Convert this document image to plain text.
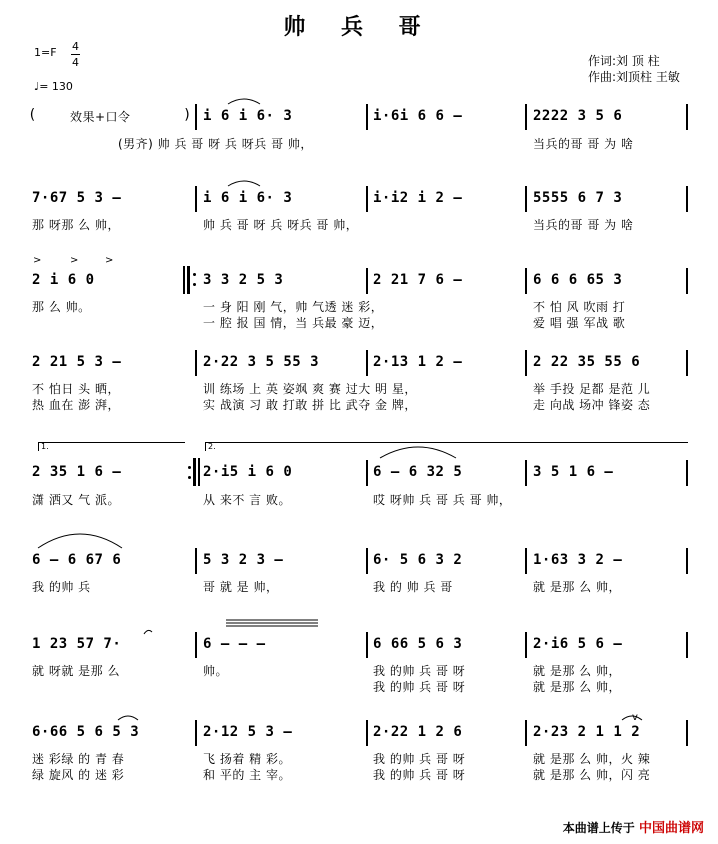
帅 兵 哥
1=F 4
4
♩= 130
作词:刘 顶 柱
作曲:刘顶柱 王敏
(	效果+口令	) i 6 i 6· 3	i·6i 6 6 –	2222 3 5 6
(男齐) 帅 兵 哥 呀 兵 呀兵 哥 帅，	当兵的哥 哥 为 啥
7·67 5 3 –	i 6 i 6· 3	i·i2 i 2 –	5555 6 7 3
那 呀那 么 帅，	帅 兵 哥 呀 兵 呀兵 哥 帅，	当兵的哥 哥 为 啥
>	>	>
2 i 6 0	3 3 2 5 3	2 21 7 6 –	6 6 6 65 3
那 么 帅。	一 身 阳 刚 气，帅 气透 迷 彩，	不 怕 风 吹雨 打
一 腔 报 国 情，当 兵最 豪 迈，	爱 唱 强 军战 歌
2 21 5 3 –	2·22 3 5 55 3	2·13 1 2 –	2 22 35 55 6
不 怕日 头 晒，	训 练场 上 英 姿飒 爽 赛 过大 明 星，	举 手投 足都 是范 儿
热 血在 澎 湃，	实 战演 习 敢 打敢 拼 比 武夺 金 牌，	走 向战 场冲 锋姿 态
1.	2.
2 35 1 6 –	2·i5 i 6 0	6 – 6 32 5	3 5 1 6 –
潇 洒又 气 派。	从 来不 言 败。	哎 呀帅 兵 哥 兵 哥 帅，
6 – 6 67 6	5 3 2 3 –	6· 5 6 3 2	1·63 3 2 –
我 的帅 兵	哥 就 是 帅，	我 的 帅 兵 哥	就 是那 么 帅，
1 23 57 7·	6 – – –	6 66 5 6 3	2·i6 5 6 –
就 呀就 是那 么	帅。	我 的帅 兵 哥 呀	就 是那 么 帅，
我 的帅 兵 哥 呀	就 是那 么 帅，
v
6·66 5 6 5 3	2·12 5 3 –	2·22 1 2 6	2·23 2 1 1 2
迷 彩绿 的 青 春	飞 扬着 精 彩。	我 的帅 兵 哥 呀	就 是那 么 帅，火 辣
绿 旋风 的 迷 彩	和 平的 主 宰。	我 的帅 兵 哥 呀	就 是那 么 帅，闪 亮
本曲谱上传于 中国曲谱网
